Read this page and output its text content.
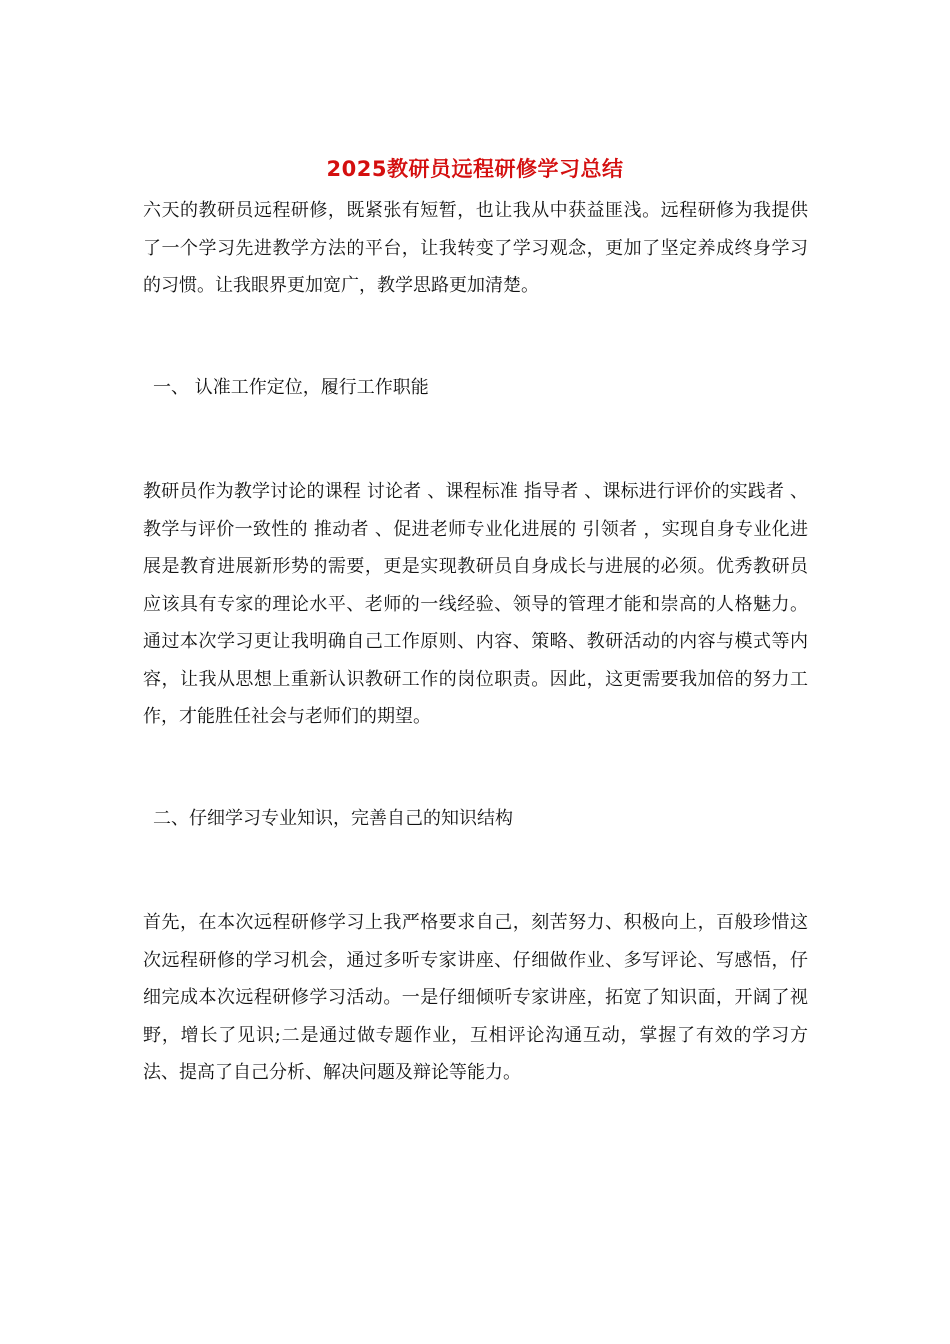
2025教研员远程研修学习总结

六天的教研员远程研修，既紧张有短暂，也让我从中获益匪浅。远程研修为我提供了一个学习先进教学方法的平台，让我转变了学习观念，更加了坚定养成终身学习的习惯。让我眼界更加宽广，教学思路更加清楚。

一、 认准工作定位，履行工作职能

教研员作为教学讨论的课程 讨论者 、课程标准 指导者 、课标进行评价的实践者 、教学与评价一致性的 推动者 、促进老师专业化进展的 引领者 ，实现自身专业化进展是教育进展新形势的需要，更是实现教研员自身成长与进展的必须。优秀教研员应该具有专家的理论水平、老师的一线经验、领导的管理才能和崇高的人格魅力。通过本次学习更让我明确自己工作原则、内容、策略、教研活动的内容与模式等内容，让我从思想上重新认识教研工作的岗位职责。因此，这更需要我加倍的努力工作，才能胜任社会与老师们的期望。

二、仔细学习专业知识，完善自己的知识结构

首先，在本次远程研修学习上我严格要求自己，刻苦努力、积极向上，百般珍惜这次远程研修的学习机会，通过多听专家讲座、仔细做作业、多写评论、写感悟，仔细完成本次远程研修学习活动。一是仔细倾听专家讲座，拓宽了知识面，开阔了视野，增长了见识;二是通过做专题作业，互相评论沟通互动，掌握了有效的学习方法、提高了自己分析、解决问题及辩论等能力。
